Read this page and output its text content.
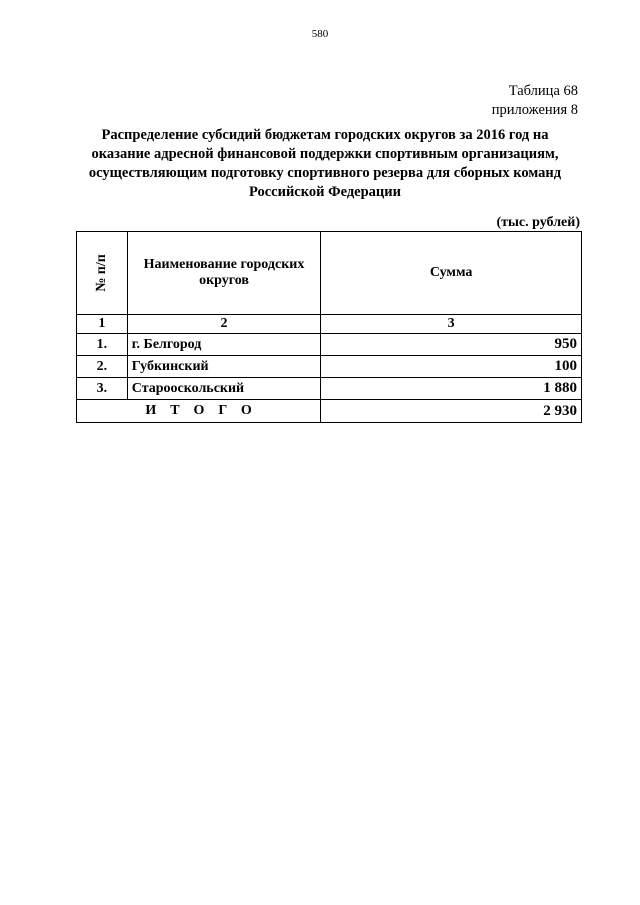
580
Таблица 68
приложения 8
Распределение субсидий бюджетам городских округов за 2016 год на оказание адресной финансовой поддержки спортивным организациям, осуществляющим подготовку спортивного резерва для сборных команд Российской Федерации
(тыс. рублей)
№ п/п	Наименование городских округов	Сумма
1	2	3
1.	г. Белгород	950
2.	Губкинский	100
3.	Старооскольский	1 880
ИТОГО		2 930
